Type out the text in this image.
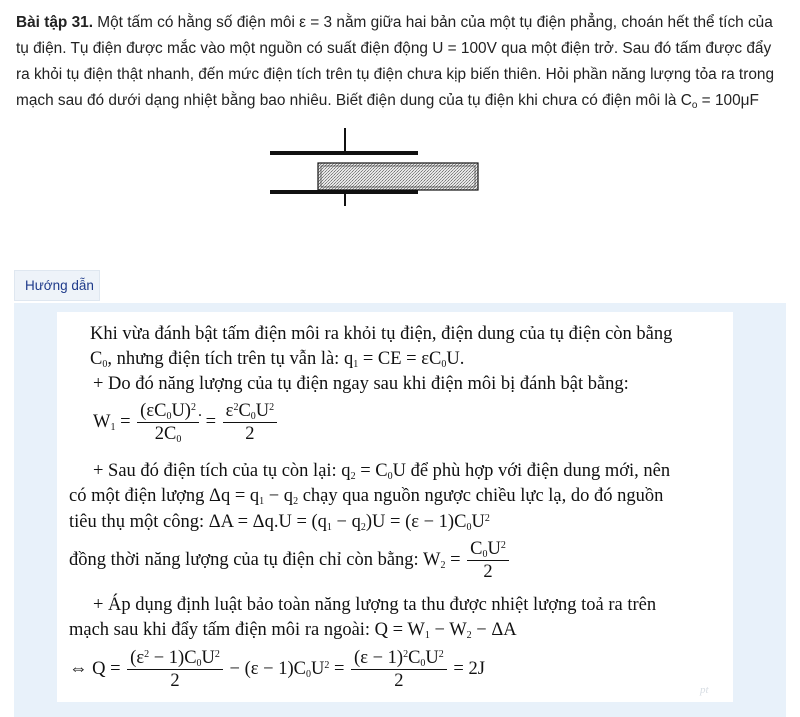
Bài tập 31. Một tấm có hằng số điện môi ε = 3 nằm giữa hai bản của một tụ điện phẳng, choán hết thể tích của tụ điện. Tụ điện được mắc vào một nguồn có suất điện động U = 100V qua một điện trở. Sau đó tấm được đẩy ra khỏi tụ điện thật nhanh, đến mức điện tích trên tụ điện chưa kịp biến thiên. Hỏi phần năng lượng tỏa ra trong mạch sau đó dưới dạng nhiệt bằng bao nhiêu. Biết điện dung của tụ điện khi chưa có điện môi là $C_o = 100\mu F$
Hướng dẫn
Khi vừa đánh bật tấm điện môi ra khỏi tụ điện, điện dung của tụ điện còn bằng
$C_0$, nhưng điện tích trên tụ vẫn là: $q_1$ = CE = $\varepsilon C_0U$.
+ Do đó năng lượng của tụ điện ngay sau khi điện môi bị đánh bật bằng:
$W_1 = \frac{(\varepsilon C_0U)^2}{2C_0} = \frac{\varepsilon^2C_0U^2}{2}$
.
+ Sau đó điện tích của tụ còn lại: $q_2 = C_0U$ để phù hợp với điện dung mới, nên
có một điện lượng $\Delta q = q_1 - q_2$ chạy qua nguồn ngược chiều lực lạ, do đó nguồn
tiêu thụ một công: $\Delta A = \Delta q.U = (q_1 - q_2)U = (\varepsilon - 1)C_0U^2$
đồng thời năng lượng của tụ điện chỉ còn bằng: $W_2 = \frac{C_0U^2}{2}$
+ Áp dụng định luật bảo toàn năng lượng ta thu được nhiệt lượng toả ra trên
mạch sau khi đẩy tấm điện môi ra ngoài: $Q = W_1 - W_2 - \Delta A$
⇔ $Q = \frac{(\varepsilon^2 - 1)C_0U^2}{2} - (\varepsilon - 1)C_0U^2 = \frac{(\varepsilon - 1)^2C_0U^2}{2} = 2J$
pt
